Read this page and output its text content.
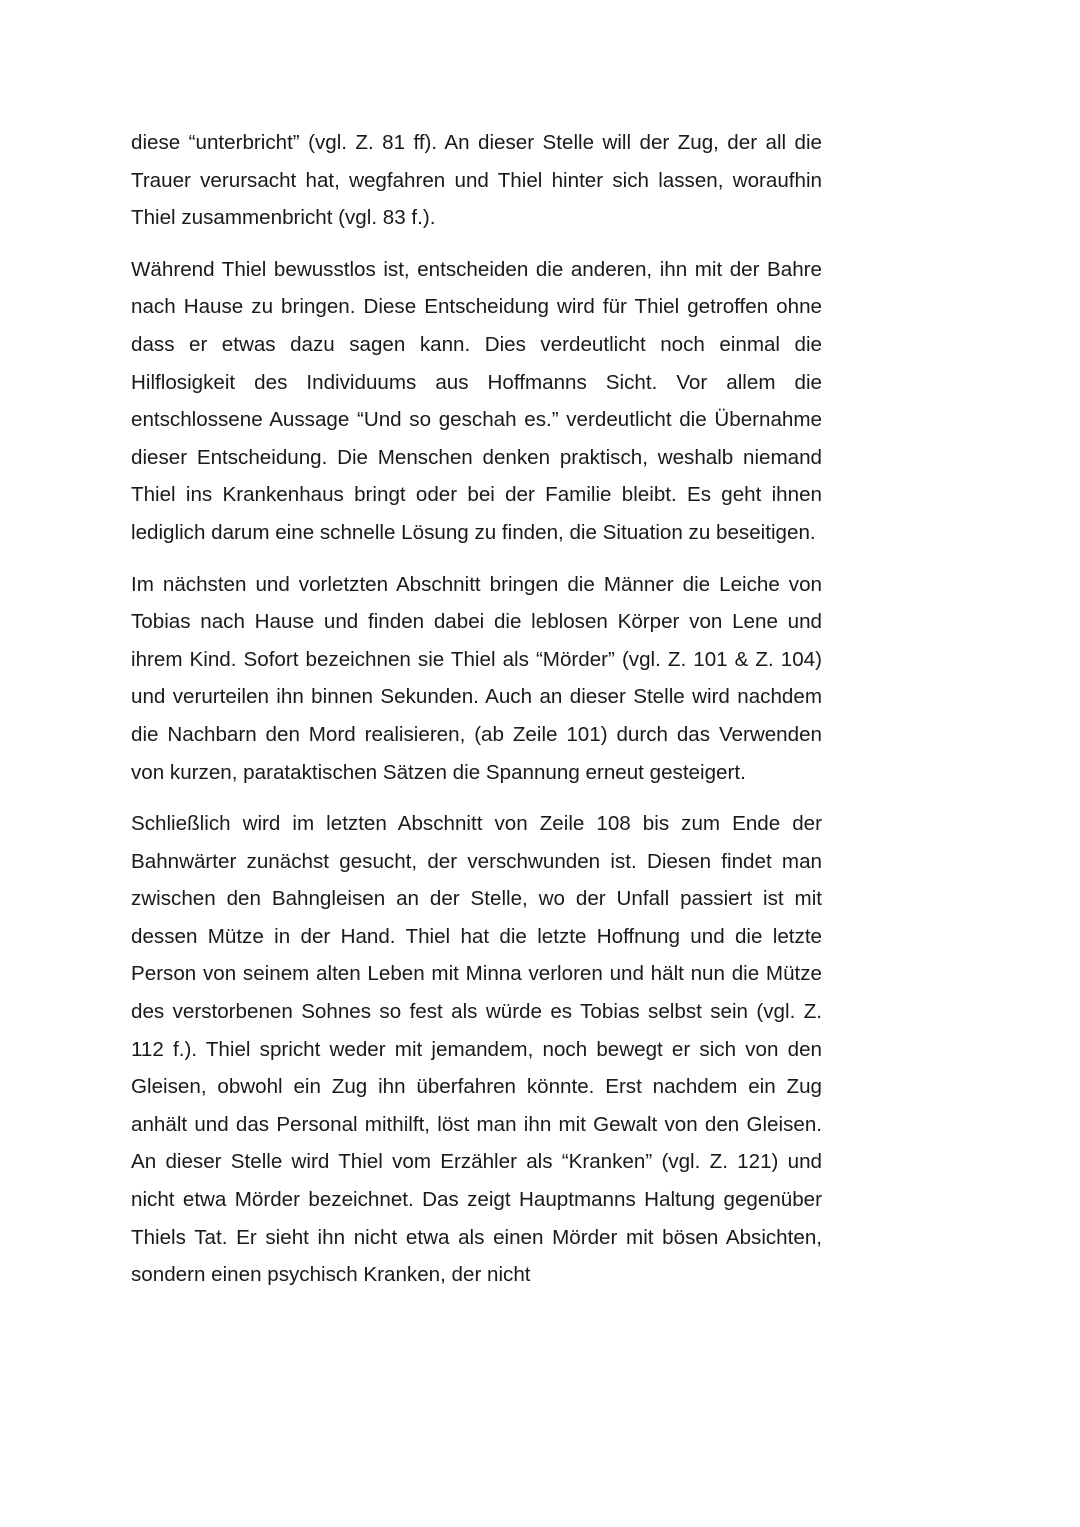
diese “unterbricht” (vgl. Z. 81 ff). An dieser Stelle will der Zug, der all die Trauer verursacht hat, wegfahren und Thiel hinter sich lassen, woraufhin Thiel zusammenbricht (vgl. 83 f.).

Während Thiel bewusstlos ist, entscheiden die anderen, ihn mit der Bahre nach Hause zu bringen. Diese Entscheidung wird für Thiel getroffen ohne dass er etwas dazu sagen kann. Dies verdeutlicht noch einmal die Hilflosigkeit des Individuums aus Hoffmanns Sicht. Vor allem die entschlossene Aussage “Und so geschah es.” verdeutlicht die Übernahme dieser Entscheidung. Die Menschen denken praktisch, weshalb niemand Thiel ins Krankenhaus bringt oder bei der Familie bleibt. Es geht ihnen lediglich darum eine schnelle Lösung zu finden, die Situation zu beseitigen.

Im nächsten und vorletzten Abschnitt bringen die Männer die Leiche von Tobias nach Hause und finden dabei die leblosen Körper von Lene und ihrem Kind. Sofort bezeichnen sie Thiel als “Mörder” (vgl. Z. 101 & Z. 104) und verurteilen ihn binnen Sekunden. Auch an dieser Stelle wird nachdem die Nachbarn den Mord realisieren, (ab Zeile 101) durch das Verwenden von kurzen, parataktischen Sätzen die Spannung erneut gesteigert.

Schließlich wird im letzten Abschnitt von Zeile 108 bis zum Ende der Bahnwärter zunächst gesucht, der verschwunden ist. Diesen findet man zwischen den Bahngleisen an der Stelle, wo der Unfall passiert ist mit dessen Mütze in der Hand. Thiel hat die letzte Hoffnung und die letzte Person von seinem alten Leben mit Minna verloren und hält nun die Mütze des verstorbenen Sohnes so fest als würde es Tobias selbst sein (vgl. Z. 112 f.). Thiel spricht weder mit jemandem, noch bewegt er sich von den Gleisen, obwohl ein Zug ihn überfahren könnte. Erst nachdem ein Zug anhält und das Personal mithilft, löst man ihn mit Gewalt von den Gleisen. An dieser Stelle wird Thiel vom Erzähler als “Kranken” (vgl. Z. 121) und nicht etwa Mörder bezeichnet. Das zeigt Hauptmanns Haltung gegenüber Thiels Tat. Er sieht ihn nicht etwa als einen Mörder mit bösen Absichten, sondern einen psychisch Kranken, der nicht
